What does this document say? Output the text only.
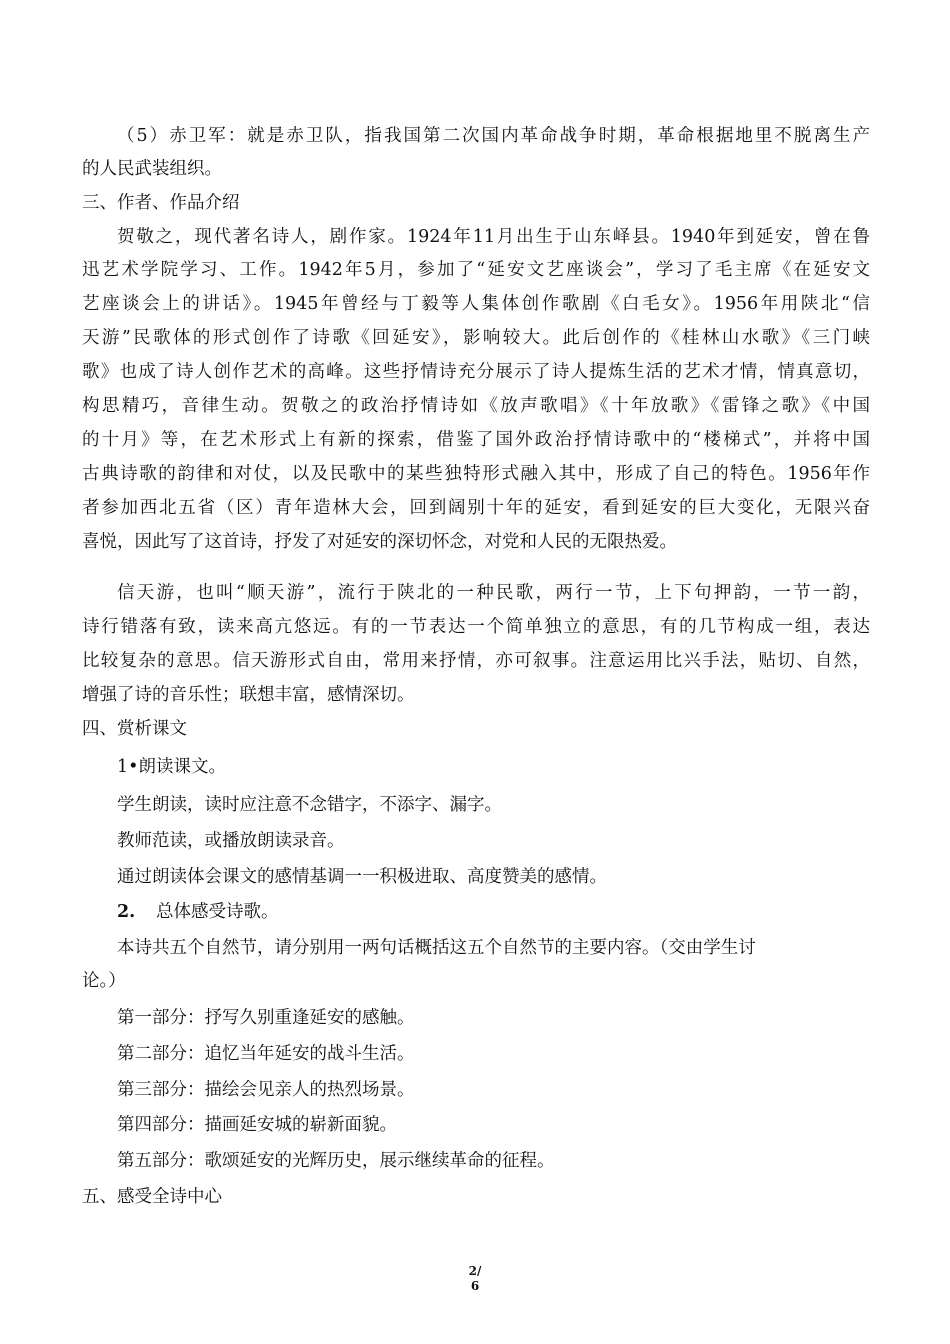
（5）赤卫军：就是赤卫队，指我国第二次国内革命战争时期，革命根据地里不脱离生产
的人民武装组织。
三、作者、作品介绍
贺敬之，现代著名诗人，剧作家。1924年11月出生于山东峄县。1940年到延安，曾在鲁
迅艺术学院学习、工作。1942年5月，参加了“延安文艺座谈会”，学习了毛主席《在延安文
艺座谈会上的讲话》。1945年曾经与丁毅等人集体创作歌剧《白毛女》。1956年用陕北“信
天游”民歌体的形式创作了诗歌《回延安》，影响较大。此后创作的《桂林山水歌》《三门峡
歌》也成了诗人创作艺术的高峰。这些抒情诗充分展示了诗人提炼生活的艺术才情，情真意切，
构思精巧，音律生动。贺敬之的政治抒情诗如《放声歌唱》《十年放歌》《雷锋之歌》《中国
的十月》等，在艺术形式上有新的探索，借鉴了国外政治抒情诗歌中的“楼梯式”，并将中国
古典诗歌的韵律和对仗，以及民歌中的某些独特形式融入其中，形成了自己的特色。1956年作
者参加西北五省（区）青年造林大会，回到阔别十年的延安，看到延安的巨大变化，无限兴奋
喜悦，因此写了这首诗，抒发了对延安的深切怀念，对党和人民的无限热爱。
信天游，也叫“顺天游”，流行于陕北的一种民歌，两行一节，上下句押韵，一节一韵，
诗行错落有致，读来高亢悠远。有的一节表达一个简单独立的意思，有的几节构成一组，表达
比较复杂的意思。信天游形式自由，常用来抒情，亦可叙事。注意运用比兴手法，贴切、自然，
增强了诗的音乐性；联想丰富，感情深切。
四、赏析课文
1•朗读课文。
学生朗读，读时应注意不念错字，不添字、漏字。
教师范读，或播放朗读录音。
通过朗读体会课文的感情基调一一积极进取、高度赞美的感情。
2.	总体感受诗歌。
本诗共五个自然节，请分别用一两句话概括这五个自然节的主要内容。（交由学生讨
论。）
第一部分：抒写久别重逢延安的感触。
第二部分：追忆当年延安的战斗生活。
第三部分：描绘会见亲人的热烈场景。
第四部分：描画延安城的崭新面貌。
第五部分：歌颂延安的光辉历史，展示继续革命的征程。
五、感受全诗中心
2/
6
